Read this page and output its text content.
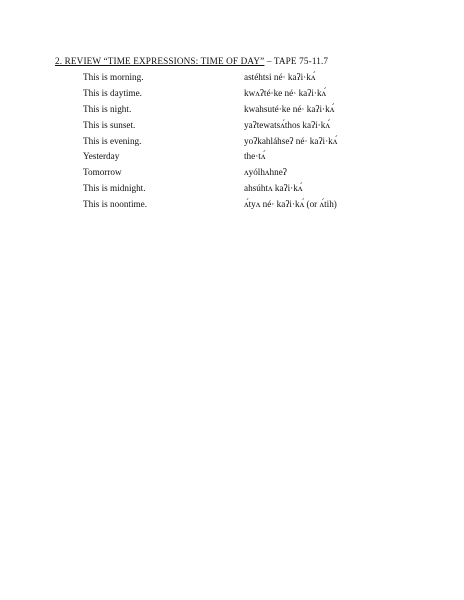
2. REVIEW “TIME EXPRESSIONS: TIME OF DAY” – TAPE 75-11.7
This is morning.	astéhtsi né· kaʔi·kʌ́
This is daytime.	kwʌʔté·ke né· kaʔi·kʌ́
This is night.	kwahsuté·ke né· kaʔi·kʌ́
This is sunset.	yaʔtewatsʌ́thos kaʔi·kʌ́
This is evening.	yoʔkahláhseʔ né· kaʔi·kʌ́
Yesterday	the·tʌ́
Tomorrow	ʌyólhʌhneʔ
This is midnight.	ahsúhtʌ kaʔi·kʌ́
This is noontime.	ʌ́tyʌ né· kaʔi·kʌ́ (or ʌ́tih)
